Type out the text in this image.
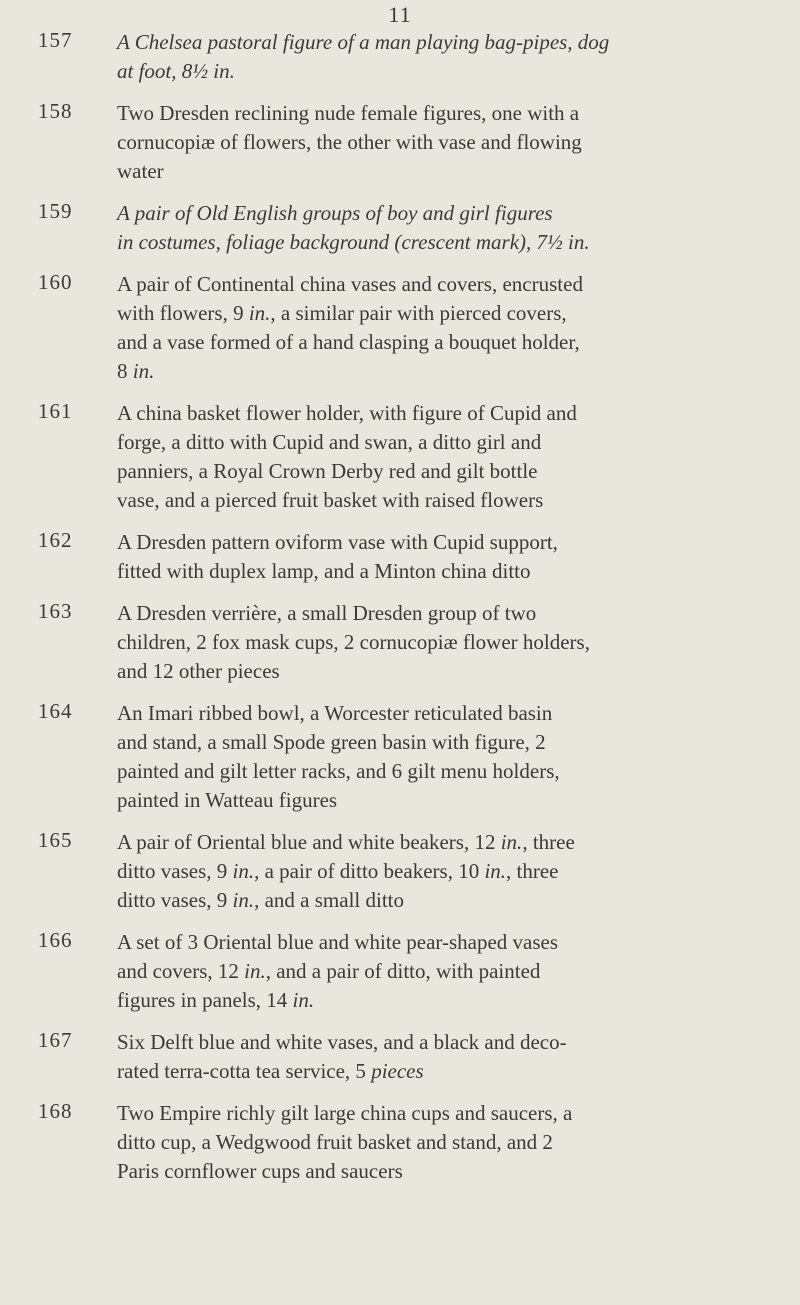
11
157 A Chelsea pastoral figure of a man playing bag-pipes, dog
at foot, 8½ in.
158 Two Dresden reclining nude female figures, one with a
cornucopiæ of flowers, the other with vase and flowing
water
159 A pair of Old English groups of boy and girl figures
in costumes, foliage background (crescent mark), 7½ in.
160 A pair of Continental china vases and covers, encrusted
with flowers, 9 in., a similar pair with pierced covers,
and a vase formed of a hand clasping a bouquet holder,
8 in.
161 A china basket flower holder, with figure of Cupid and
forge, a ditto with Cupid and swan, a ditto girl and
panniers, a Royal Crown Derby red and gilt bottle
vase, and a pierced fruit basket with raised flowers
162 A Dresden pattern oviform vase with Cupid support,
fitted with duplex lamp, and a Minton china ditto
163 A Dresden verrière, a small Dresden group of two
children, 2 fox mask cups, 2 cornucopiæ flower holders,
and 12 other pieces
164 An Imari ribbed bowl, a Worcester reticulated basin
and stand, a small Spode green basin with figure, 2
painted and gilt letter racks, and 6 gilt menu holders,
painted in Watteau figures
165 A pair of Oriental blue and white beakers, 12 in., three
ditto vases, 9 in., a pair of ditto beakers, 10 in., three
ditto vases, 9 in., and a small ditto
166 A set of 3 Oriental blue and white pear-shaped vases
and covers, 12 in., and a pair of ditto, with painted
figures in panels, 14 in.
167 Six Delft blue and white vases, and a black and deco-
rated terra-cotta tea service, 5 pieces
168 Two Empire richly gilt large china cups and saucers, a
ditto cup, a Wedgwood fruit basket and stand, and 2
Paris cornflower cups and saucers
